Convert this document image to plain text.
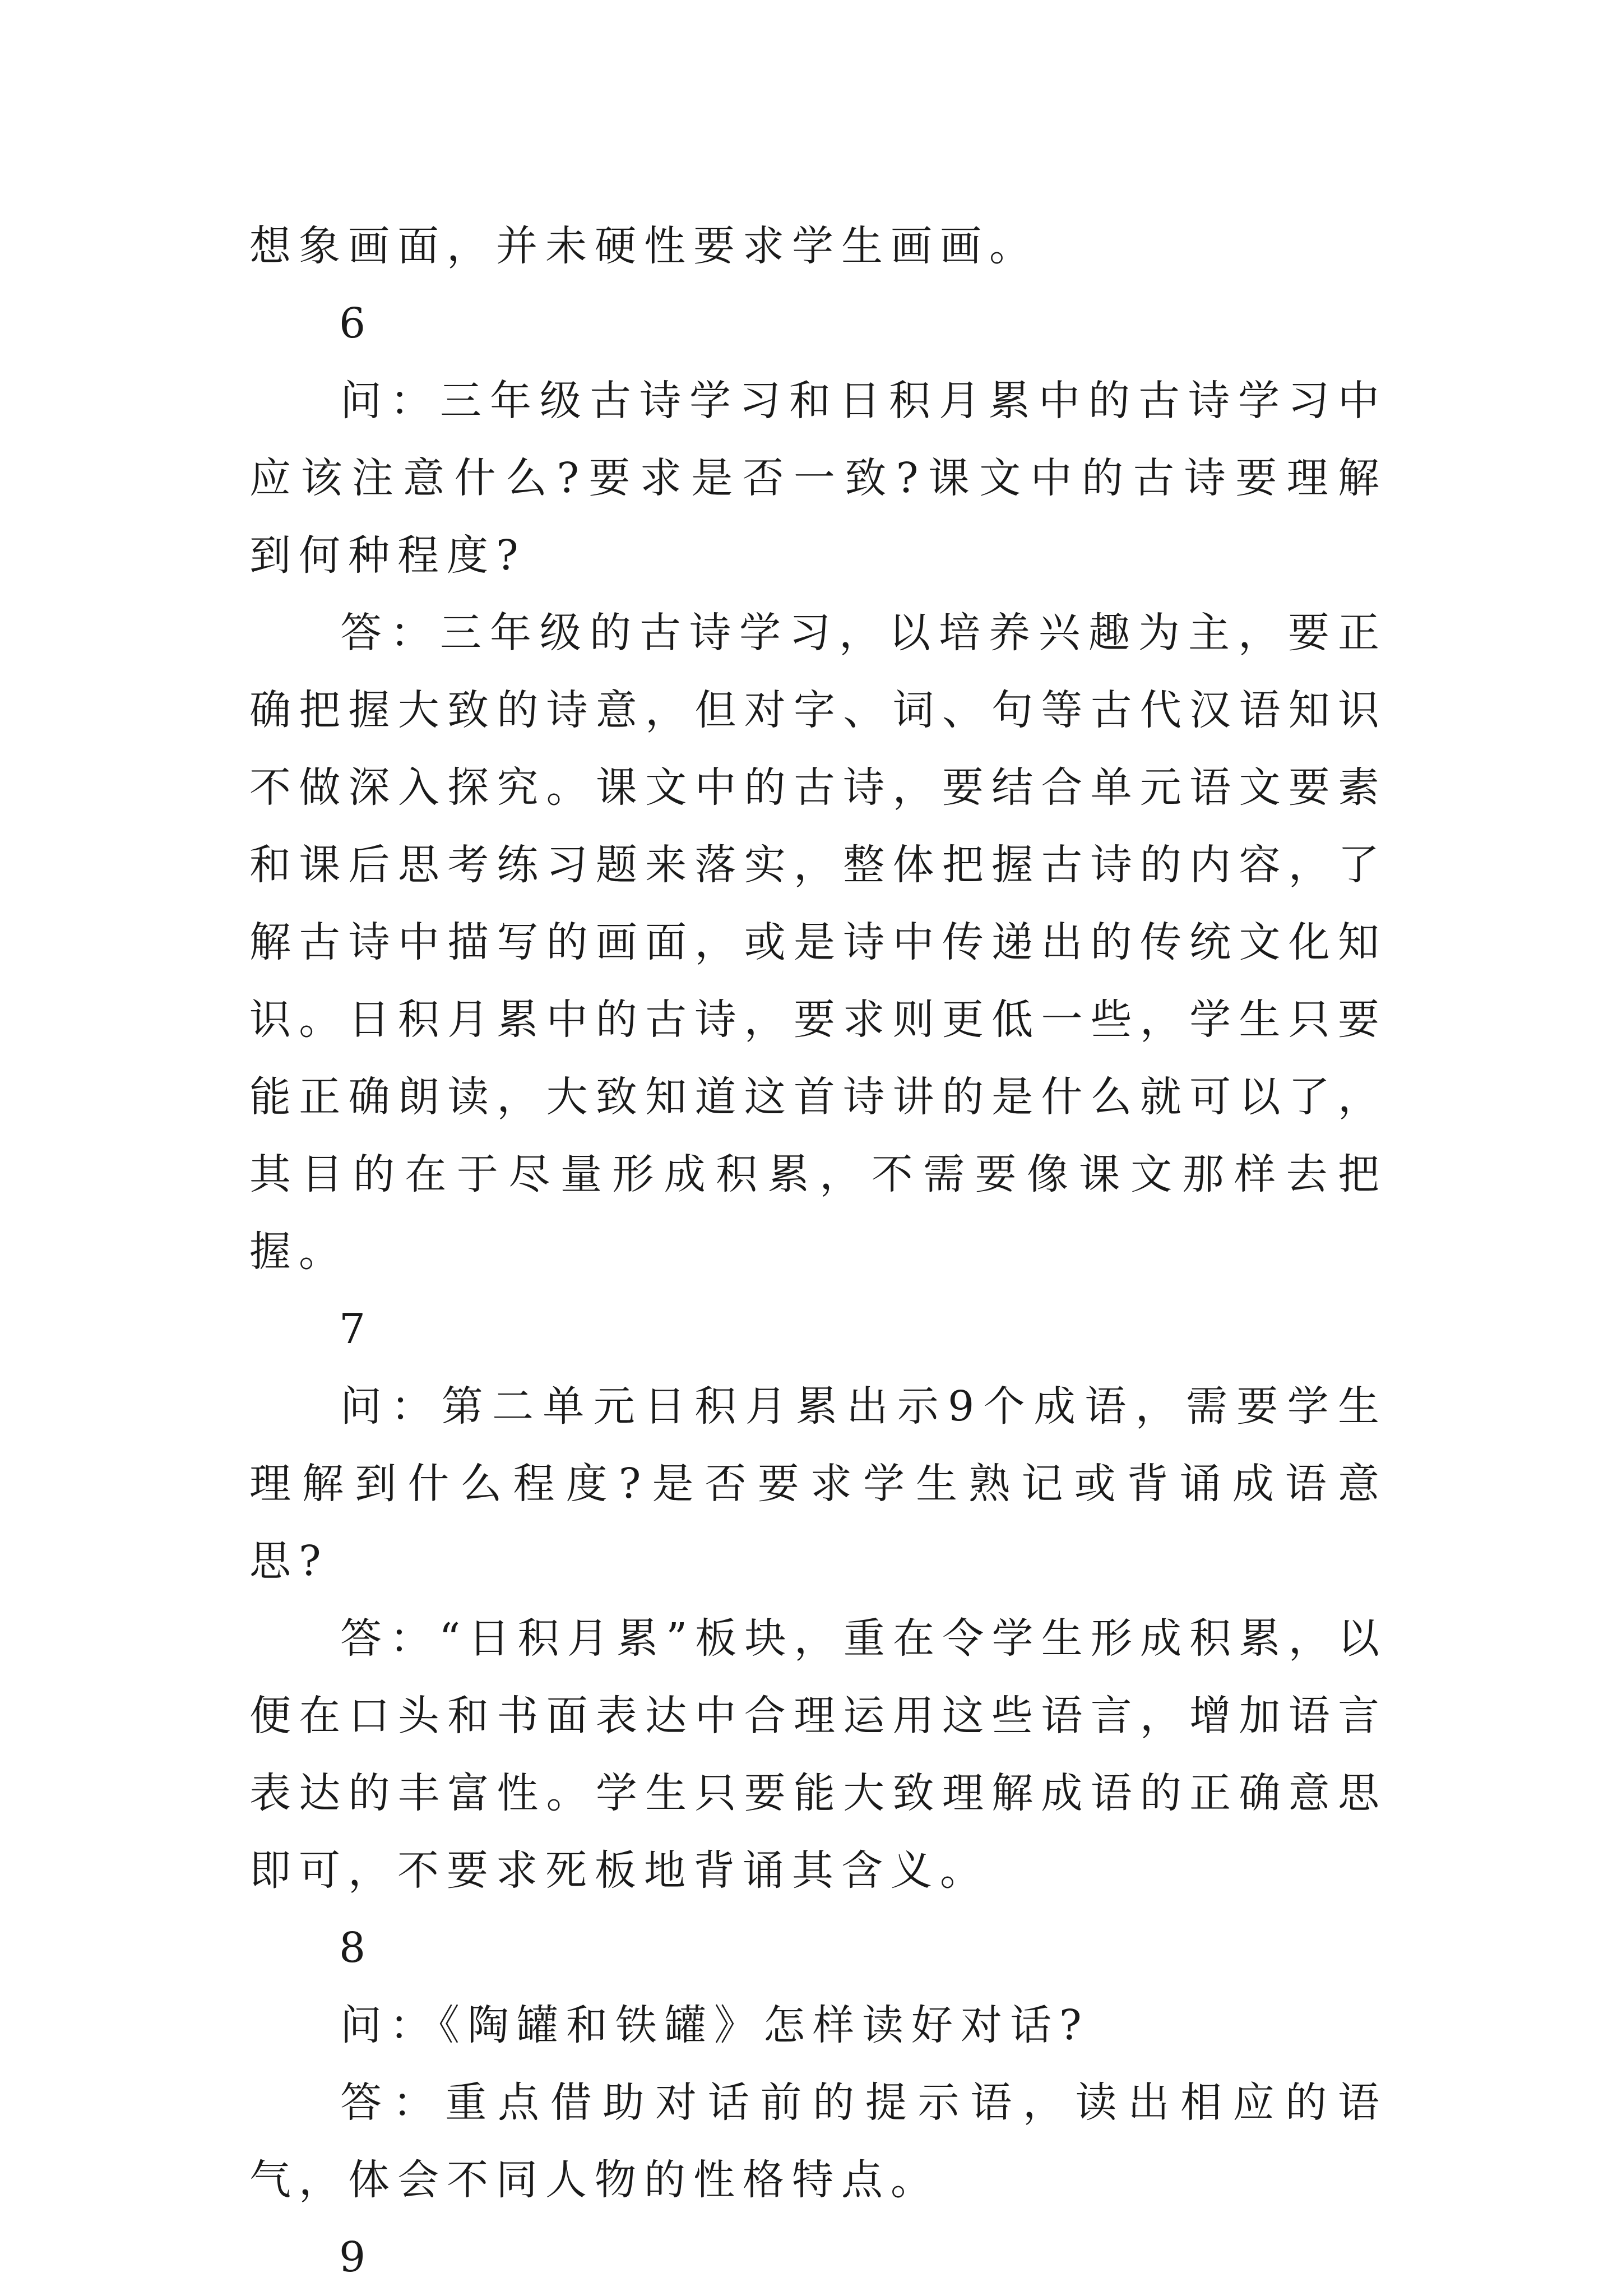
想象画面，并未硬性要求学生画画。

6

问：三年级古诗学习和日积月累中的古诗学习中应该注意什么?要求是否一致?课文中的古诗要理解到何种程度?

答：三年级的古诗学习，以培养兴趣为主，要正确把握大致的诗意，但对字、词、句等古代汉语知识不做深入探究。课文中的古诗，要结合单元语文要素和课后思考练习题来落实，整体把握古诗的内容，了解古诗中描写的画面，或是诗中传递出的传统文化知识。日积月累中的古诗，要求则更低一些，学生只要能正确朗读，大致知道这首诗讲的是什么就可以了，其目的在于尽量形成积累，不需要像课文那样去把握。

7

问：第二单元日积月累出示9个成语，需要学生理解到什么程度?是否要求学生熟记或背诵成语意思?

答：“日积月累”板块，重在令学生形成积累，以便在口头和书面表达中合理运用这些语言，增加语言表达的丰富性。学生只要能大致理解成语的正确意思即可，不要求死板地背诵其含义。

8

问：《陶罐和铁罐》怎样读好对话?

答：重点借助对话前的提示语，读出相应的语气，体会不同人物的性格特点。

9
